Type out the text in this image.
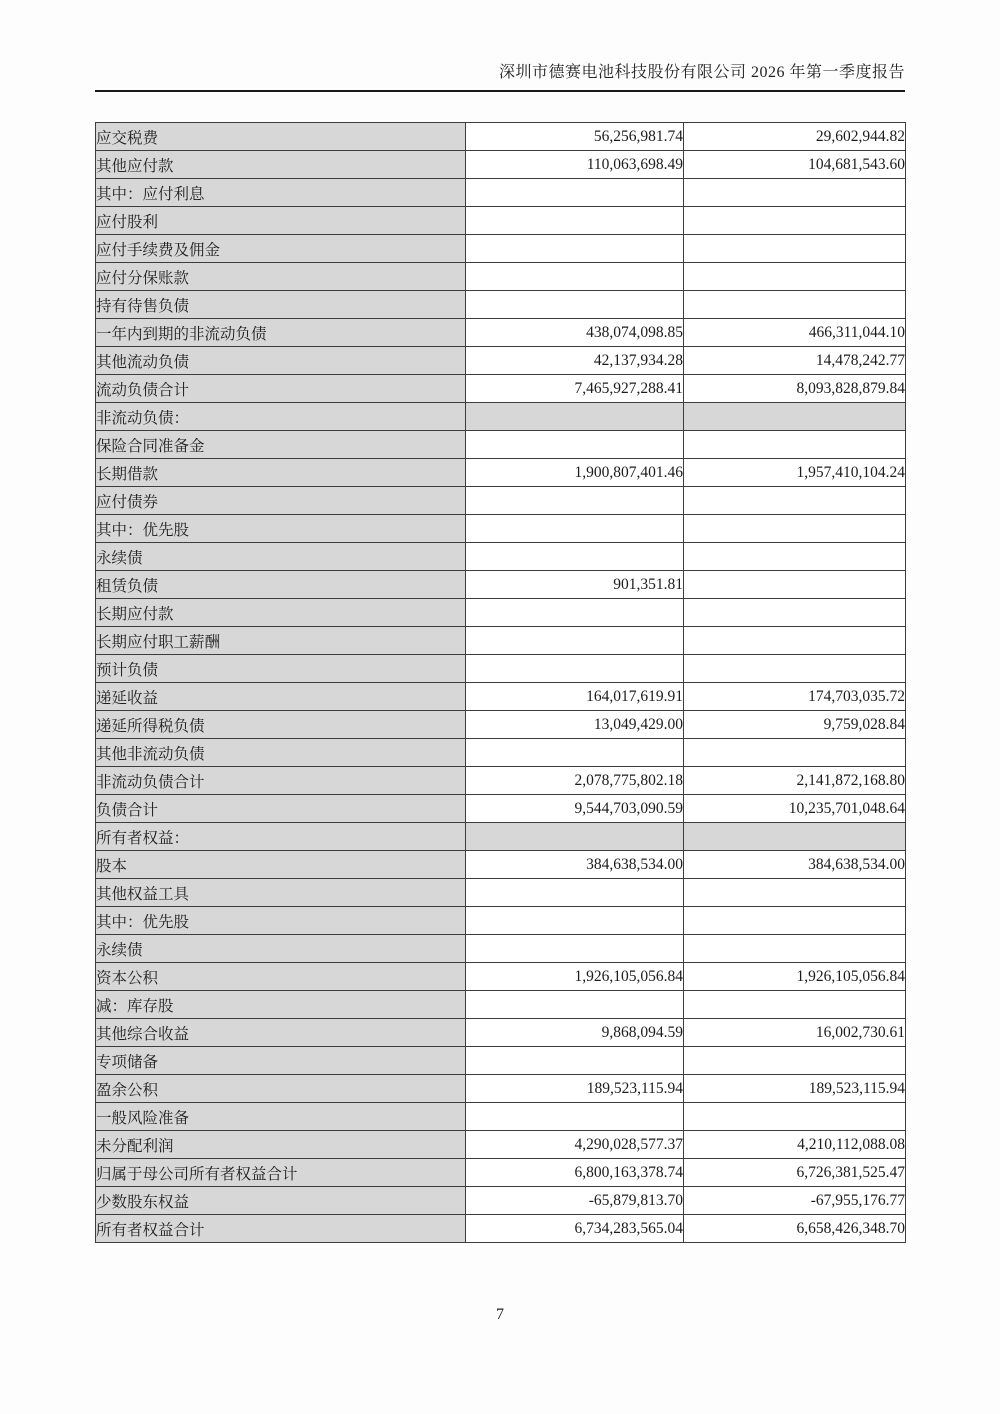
深圳市德赛电池科技股份有限公司 2026 年第一季度报告
应交税费	56,256,981.74	29,602,944.82
其他应付款	110,063,698.49	104,681,543.60
其中：应付利息		
应付股利		
应付手续费及佣金		
应付分保账款		
持有待售负债		
一年内到期的非流动负债	438,074,098.85	466,311,044.10
其他流动负债	42,137,934.28	14,478,242.77
流动负债合计	7,465,927,288.41	8,093,828,879.84
非流动负债：		
保险合同准备金		
长期借款	1,900,807,401.46	1,957,410,104.24
应付债券		
其中：优先股		
永续债		
租赁负债	901,351.81	
长期应付款		
长期应付职工薪酬		
预计负债		
递延收益	164,017,619.91	174,703,035.72
递延所得税负债	13,049,429.00	9,759,028.84
其他非流动负债		
非流动负债合计	2,078,775,802.18	2,141,872,168.80
负债合计	9,544,703,090.59	10,235,701,048.64
所有者权益：		
股本	384,638,534.00	384,638,534.00
其他权益工具		
其中：优先股		
永续债		
资本公积	1,926,105,056.84	1,926,105,056.84
减：库存股		
其他综合收益	9,868,094.59	16,002,730.61
专项储备		
盈余公积	189,523,115.94	189,523,115.94
一般风险准备		
未分配利润	4,290,028,577.37	4,210,112,088.08
归属于母公司所有者权益合计	6,800,163,378.74	6,726,381,525.47
少数股东权益	-65,879,813.70	-67,955,176.77
所有者权益合计	6,734,283,565.04	6,658,426,348.70
7
